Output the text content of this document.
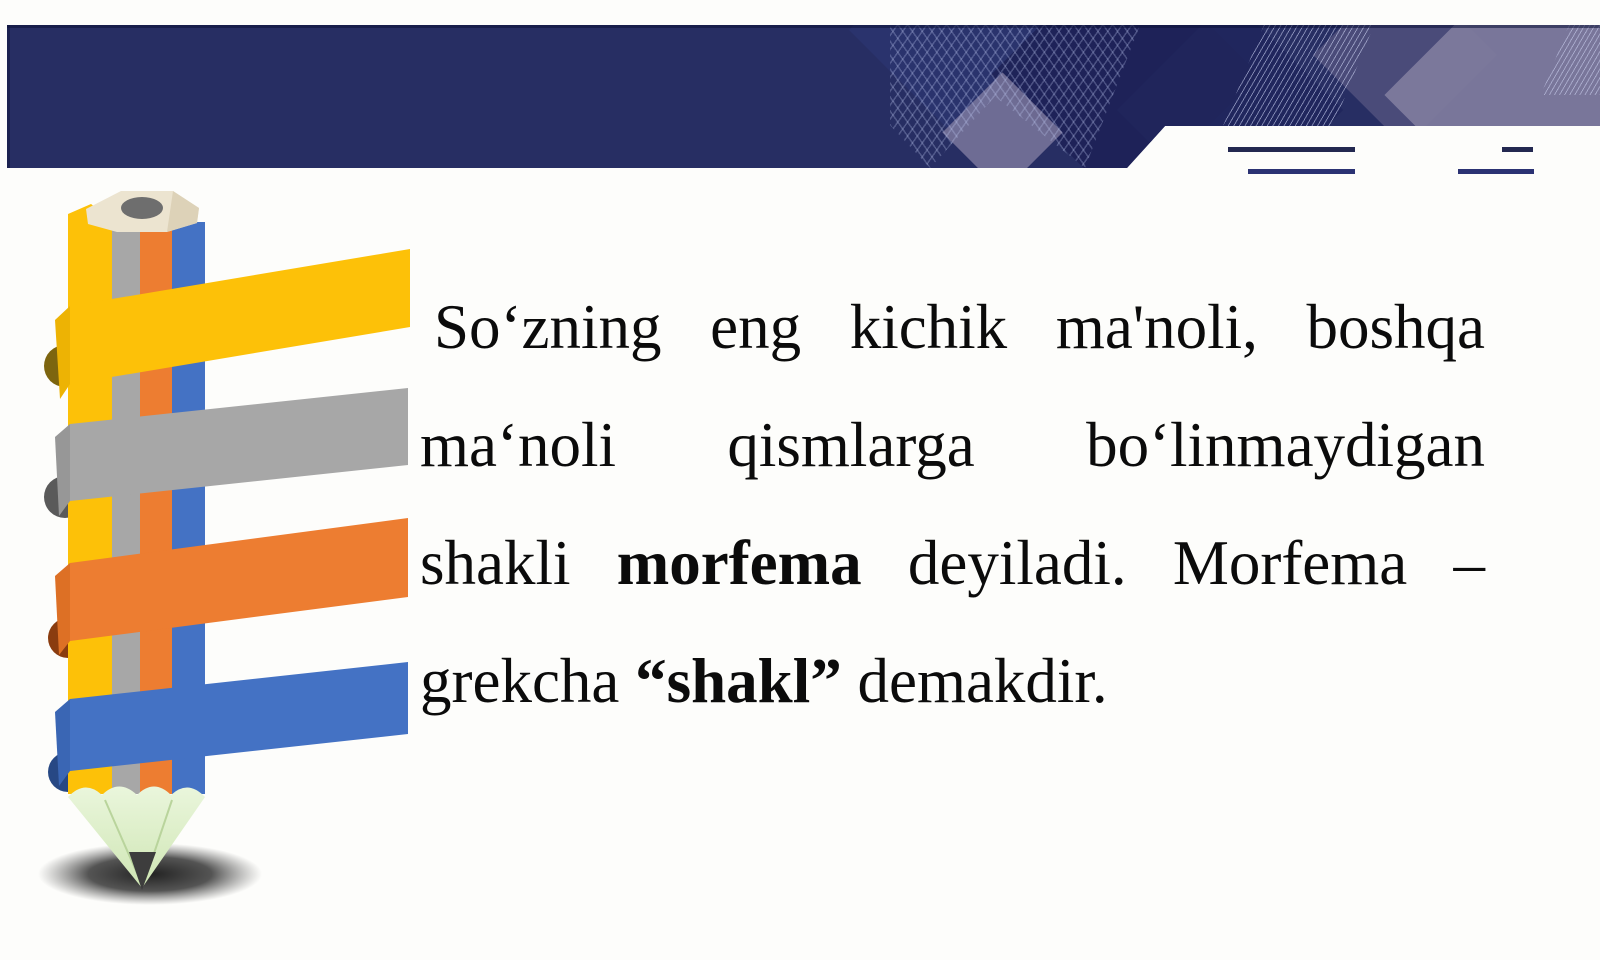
Soʻzning eng kichik ma'noli, boshqa
maʻnoli qismlarga boʻlinmaydigan
shakli morfema deyiladi. Morfema –
grekcha “shakl” demakdir.
